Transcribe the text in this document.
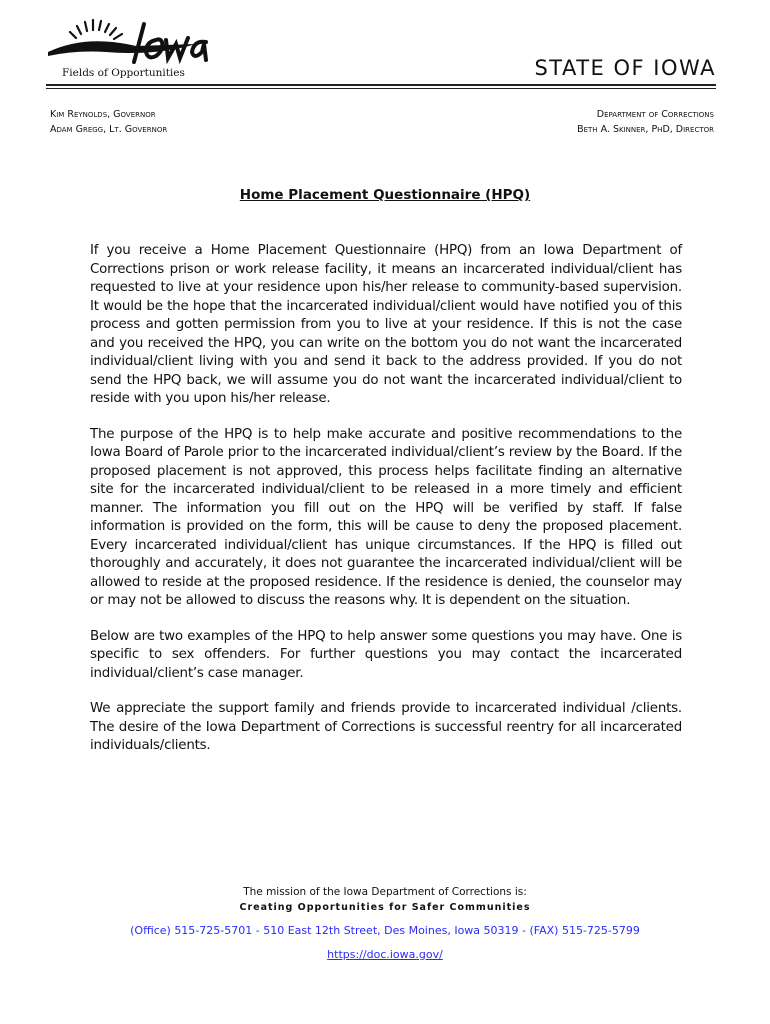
Fields of Opportunities	STATE OF IOWA
Kim Reynolds, Governor
Adam Gregg, Lt. Governor
Department of Corrections
Beth A. Skinner, PhD, Director
Home Placement Questionnaire (HPQ)

If you receive a Home Placement Questionnaire (HPQ) from an Iowa Department of Corrections prison or work release facility, it means an incarcerated individual/client has requested to live at your residence upon his/her release to community-based supervision. It would be the hope that the incarcerated individual/client would have notified you of this process and gotten permission from you to live at your residence. If this is not the case and you received the HPQ, you can write on the bottom you do not want the incarcerated individual/client living with you and send it back to the address provided. If you do not send the HPQ back, we will assume you do not want the incarcerated individual/client to reside with you upon his/her release.

The purpose of the HPQ is to help make accurate and positive recommendations to the Iowa Board of Parole prior to the incarcerated individual/client’s review by the Board. If the proposed placement is not approved, this process helps facilitate finding an alternative site for the incarcerated individual/client to be released in a more timely and efficient manner. The information you fill out on the HPQ will be verified by staff. If false information is provided on the form, this will be cause to deny the proposed placement. Every incarcerated individual/client has unique circumstances. If the HPQ is filled out thoroughly and accurately, it does not guarantee the incarcerated individual/client will be allowed to reside at the proposed residence. If the residence is denied, the counselor may or may not be allowed to discuss the reasons why. It is dependent on the situation.

Below are two examples of the HPQ to help answer some questions you may have. One is specific to sex offenders. For further questions you may contact the incarcerated individual/client’s case manager.

We appreciate the support family and friends provide to incarcerated individual /clients. The desire of the Iowa Department of Corrections is successful reentry for all incarcerated individuals/clients.

The mission of the Iowa Department of Corrections is:
Creating Opportunities for Safer Communities
(Office) 515-725-5701 - 510 East 12th Street, Des Moines, Iowa 50319 - (FAX) 515-725-5799
https://doc.iowa.gov/
